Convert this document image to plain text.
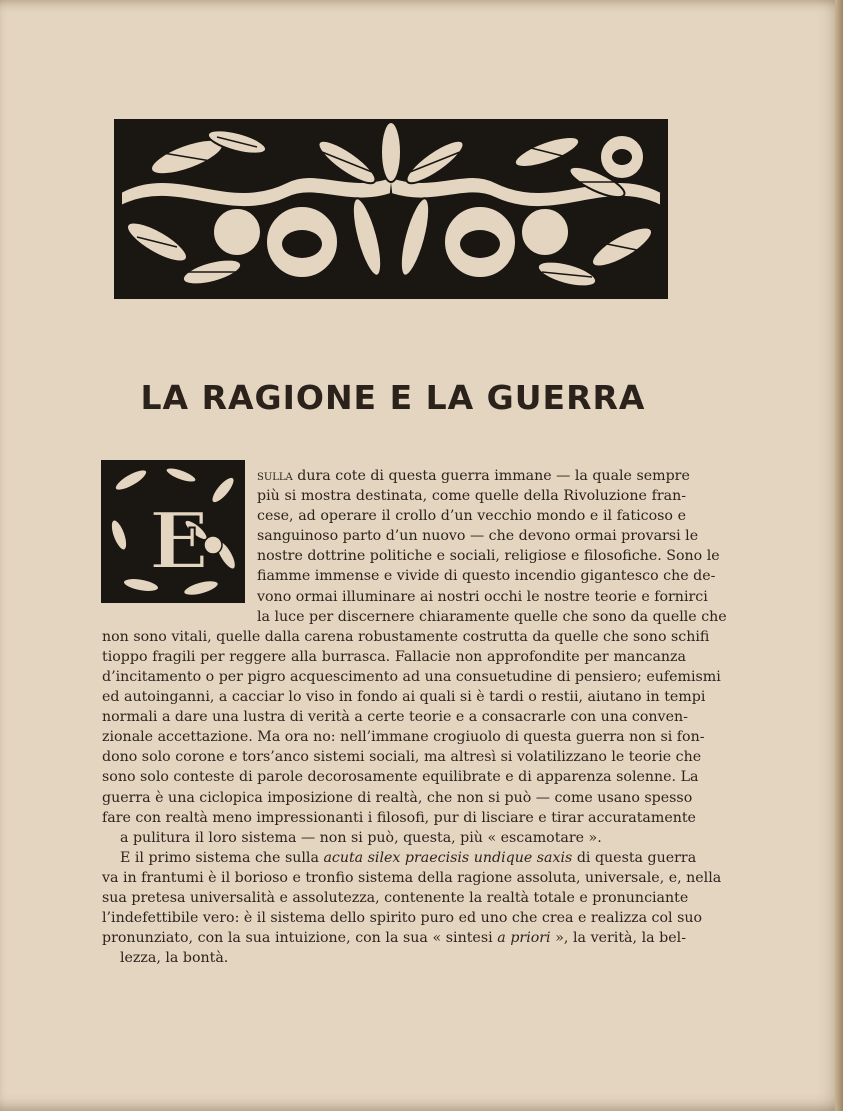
LA RAGIONE E LA GUERRA
E

sulla dura cote di questa guerra immane — la quale sempre
più si mostra destinata, come quelle della Rivoluzione fran-
cese, ad operare il crollo d’un vecchio mondo e il faticoso e
sanguinoso parto d’un nuovo — che devono ormai provarsi le
nostre dottrine politiche e sociali, religiose e filosofiche. Sono le
fiamme immense e vivide di questo incendio gigantesco che de-
vono ormai illuminare ai nostri occhi le nostre teorie e fornirci
la luce per discernere chiaramente quelle che sono da quelle che
non sono vitali, quelle dalla carena robustamente costrutta da quelle che sono schifi
tioppo fragili per reggere alla burrasca. Fallacie non approfondite per mancanza
d’incitamento o per pigro acquescimento ad una consuetudine di pensiero; eufemismi
ed autoinganni, a cacciar lo viso in fondo ai quali si è tardi o restii, aiutano in tempi
normali a dare una lustra di verità a certe teorie e a consacrarle con una conven-
zionale accettazione. Ma ora no: nell’immane crogiuolo di questa guerra non si fon-
dono solo corone e tors’anco sistemi sociali, ma altresì si volatilizzano le teorie che
sono solo conteste di parole decorosamente equilibrate e di apparenza solenne. La
guerra è una ciclopica imposizione di realtà, che non si può — come usano spesso
fare con realtà meno impressionanti i filosofi, pur di lisciare e tirar accuratamente
a pulitura il loro sistema — non si può, questa, più « escamotare ».

E il primo sistema che sulla acuta silex praecisis undique saxis di questa guerra
va in frantumi è il borioso e tronfio sistema della ragione assoluta, universale, e, nella
sua pretesa universalità e assolutezza, contenente la realtà totale e pronunciante
l’indefettibile vero: è il sistema dello spirito puro ed uno che crea e realizza col suo
pronunziato, con la sua intuizione, con la sua « sintesi a priori », la verità, la bel-
lezza, la bontà.
